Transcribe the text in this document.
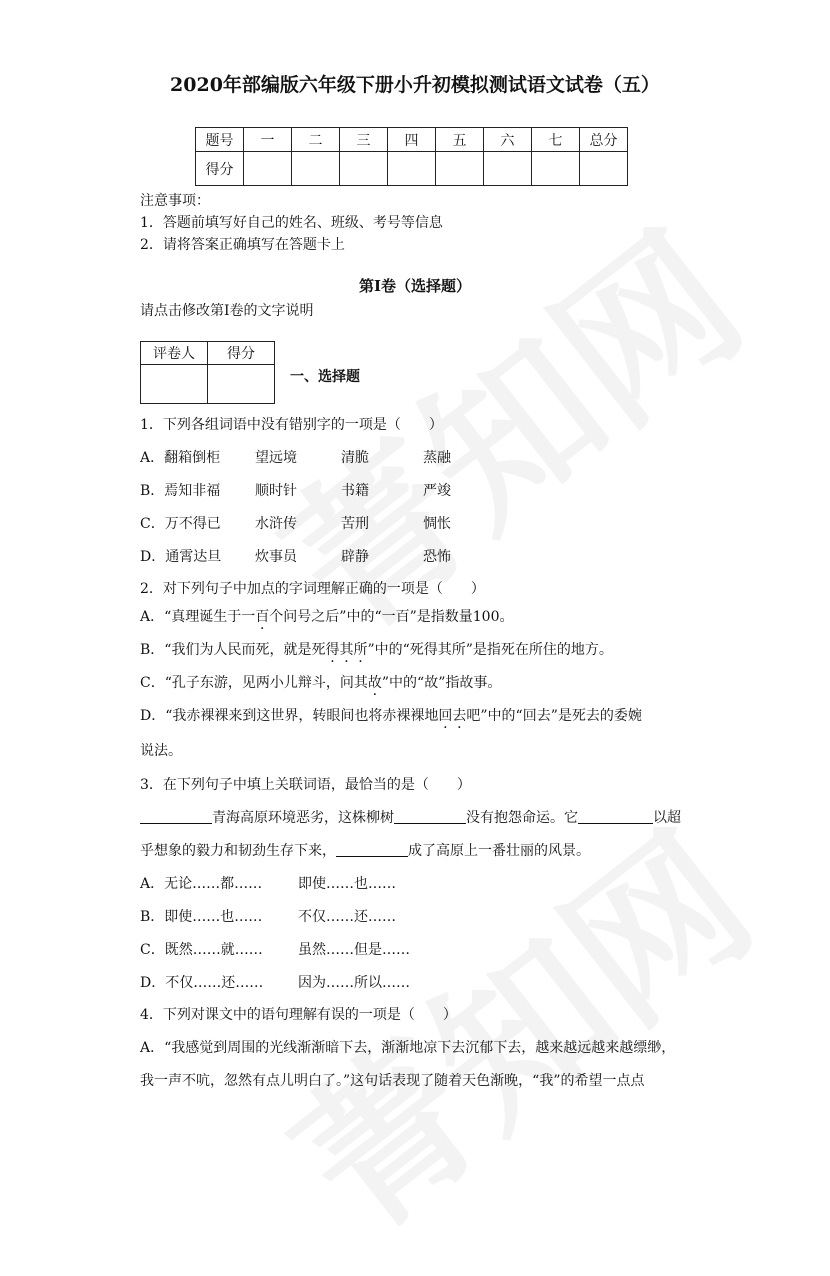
2020年部编版六年级下册小升初模拟测试语文试卷（五）
题号	一	二	三	四	五	六	七	总分
得分								
注意事项：
1．答题前填写好自己的姓名、班级、考号等信息
2．请将答案正确填写在答题卡上
第I卷（选择题）
请点击修改第I卷的文字说明
评卷人	得分

一、选择题
1．下列各组词语中没有错别字的一项是（　　）
A．翻箱倒柜 望远境	清脆	蒸融
B．焉知非福 顺时针	书籍	严竣
C．万不得已 水浒传	苦刑	惆怅
D．通霄达旦 炊事员	辟静	恐怖
2．对下列句子中加点的字词理解正确的一项是（　　）
A．“真理诞生于一百个问号之后”中的“一百”是指数量100。
B．“我们为人民而死，就是死得其所”中的“死得其所”是指死在所住的地方。
C．“孔子东游，见两小儿辩斗，问其故”中的“故”指故事。
D．“我赤裸裸来到这世界，转眼间也将赤裸裸地回去吧”中的“回去”是死去的委婉
说法。
3．在下列句子中填上关联词语，最恰当的是（　　）
青海高原环境恶劣，这株柳树	没有抱怨命运。它	以超
乎想象的毅力和韧劲生存下来，	成了高原上一番壮丽的风景。
A．无论……都……	即使……也……
B．即使……也……	不仅……还……
C．既然……就……	虽然……但是……
D．不仅……还…… 因为……所以……
4．下列对课文中的语句理解有误的一项是（　　）
A．“我感觉到周围的光线渐渐暗下去，渐渐地凉下去沉郁下去，越来越远越来越缥缈，
我一声不吭，忽然有点儿明白了。”这句话表现了随着天色渐晚，“我”的希望一点点
